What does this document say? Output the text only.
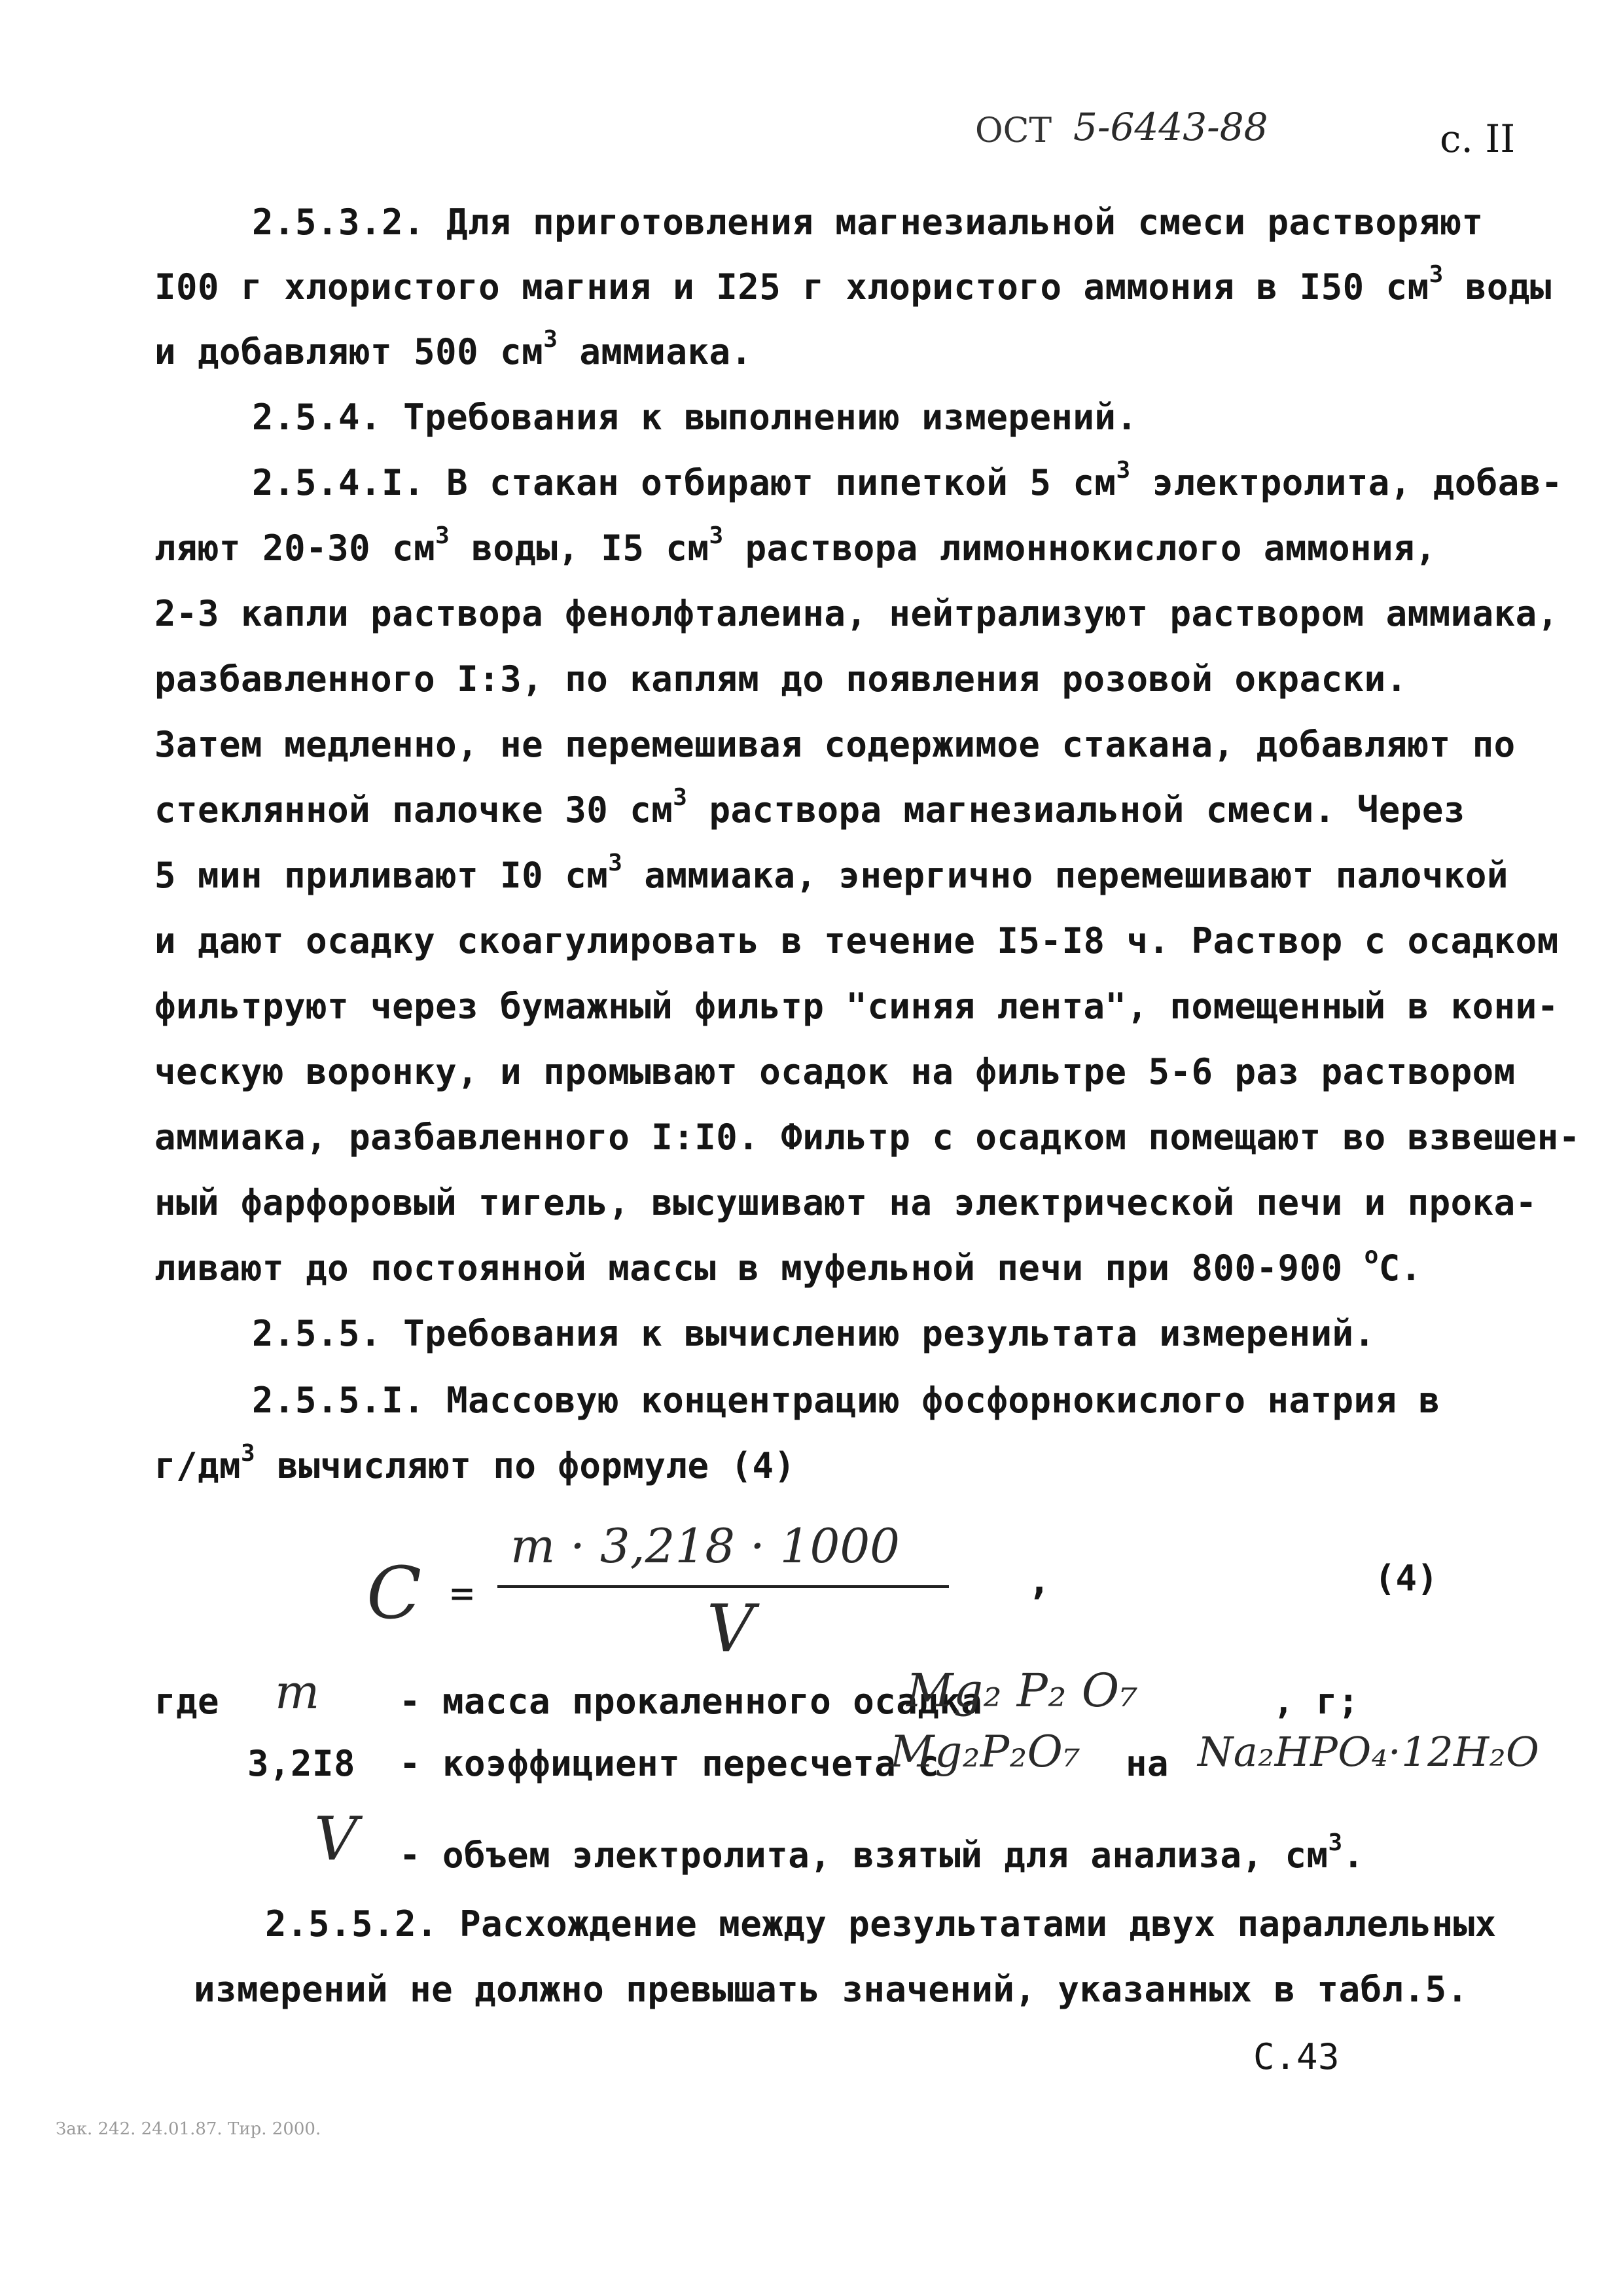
ОСТ 5-6443-88	с. II
2.5.3.2. Для приготовления магнезиальной смеси растворяют
I00 г хлористого магния и I25 г хлористого аммония в I50 $см^3$ воды
и добавляют 500 $см^3$ аммиака.
2.5.4. Требования к выполнению измерений.
2.5.4.I. В стакан отбирают пипеткой 5 $см^3$ электролита, добав-
ляют 20-30 $см^3$ воды, I5 $см^3$ раствора лимоннокислого аммония,
2-3 капли раствора фенолфталеина, нейтрализуют раствором аммиака,
разбавленного I:3, по каплям до появления розовой окраски.
Затем медленно, не перемешивая содержимое стакана, добавляют по
стеклянной палочке 30 $см^3$ раствора магнезиальной смеси. Через
5 мин приливают I0 $см^3$ аммиака, энергично перемешивают палочкой
и дают осадку скоагулировать в течение I5-I8 ч. Раствор с осадком
фильтруют через бумажный фильтр "синяя лента", помещенный в кони-
ческую воронку, и промывают осадок на фильтре 5-6 раз раствором
аммиака, разбавленного I:I0. Фильтр с осадком помещают во взвешен-
ный фарфоровый тигель, высушивают на электрической печи и прока-
ливают до постоянной массы в муфельной печи при 800-900 $^о$С.
2.5.5. Требования к вычислению результата измерений.
2.5.5.I. Массовую концентрацию фосфорнокислого натрия в
$г/дм^3$ вычисляют по формуле (4)
C =
m · 3,218 · 1000
V
,	(4)
где m - масса прокаленного осадка
Mg₂ P₂ O₇	, г;
3,2I8 - коэффициент пересчета с
Mg₂P₂O₇ на Na₂HPO₄·12H₂O
V - объем электролита, взятый для анализа, $см^3$.
2.5.5.2. Расхождение между результатами двух параллельных
измерений не должно превышать значений, указанных в табл.5.
С.43
Зак. 242. 24.01.87. Тир. 2000.
